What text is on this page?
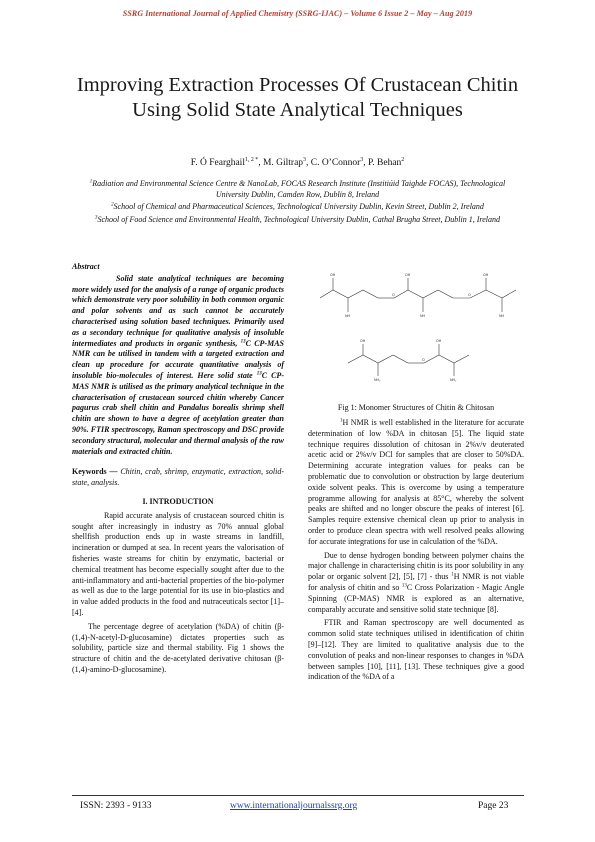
SSRG International Journal of Applied Chemistry (SSRG-IJAC) – Volume 6 Issue 2 – May – Aug 2019
Improving Extraction Processes Of Crustacean Chitin Using Solid State Analytical Techniques
F. Ó Fearghail$^{1, 2 *}$, M. Giltrap$^3$, C. O’Connor$^3$, P. Behan$^2$

$^1$Radiation and Environmental Science Centre & NanoLab, FOCAS Research Institute (Institiúid Taighde FOCAS), Technological University Dublin, Camden Row, Dublin 8, Ireland

$^2$School of Chemical and Pharmaceutical Sciences, Technological University Dublin, Kevin Street, Dublin 2, Ireland

$^3$School of Food Science and Environmental Health, Technological University Dublin, Cathal Brugha Street, Dublin 1, Ireland

Abstract

Solid state analytical techniques are becoming more widely used for the analysis of a range of organic products which demonstrate very poor solubility in both common organic and polar solvents and as such cannot be accurately characterised using solution based techniques. Primarily used as a secondary technique for qualitative analysis of insoluble intermediates and products in organic synthesis, $^{13}$C CP-MAS NMR can be utilised in tandem with a targeted extraction and clean up procedure for accurate quantitative analysis of insoluble bio-molecules of interest. Here solid state $^{13}$C CP-MAS NMR is utilised as the primary analytical technique in the characterisation of crustacean sourced chitin whereby Cancer pagurus crab shell chitin and Pandalus borealis shrimp shell chitin are shown to have a degree of acetylation greater than 90%. FTIR spectroscopy, Raman spectroscopy and DSC provide secondary structural, molecular and thermal analysis of the raw materials and extracted chitin.

Keywords — Chitin, crab, shrimp, enzymatic, extraction, solid-state, analysis.

I. INTRODUCTION

Rapid accurate analysis of crustacean sourced chitin is sought after increasingly in industry as 70% annual global shellfish production ends up in waste streams in landfill, incineration or dumped at sea. In recent years the valorisation of fisheries waste streams for chitin by enzymatic, bacterial or chemical treatment has become especially sought after due to the anti-inflammatory and anti-bacterial properties of the bio-polymer as well as due to the large potential for its use in bio-plastics and in value added products in the food and nutraceuticals sector [1]–[4].

The percentage degree of acetylation (%DA) of chitin (β-(1,4)-N-acetyl-D-glucosamine) dictates properties such as solubility, particle size and thermal stability. Fig 1 shows the structure of chitin and the de-acetylated derivative chitosan (β-(1,4)-amino-D-glucosamine).

OH
NH
O
OH
NH
O
OH
NH
OH
NH₂
O
OH
NH₂
Fig 1: Monomer Structures of Chitin & Chitosan

$^1$H NMR is well established in the literature for accurate determination of low %DA in chitosan [5]. The liquid state technique requires dissolution of chitosan in 2%v/v deuterated acetic acid or 2%v/v DCl for samples that are closer to 50%DA. Determining accurate integration values for peaks can be problematic due to convolution or obstruction by large deuterium oxide solvent peaks. This is overcome by using a temperature programme allowing for analysis at 85°C, whereby the solvent peaks are shifted and no longer obscure the peaks of interest [6]. Samples require extensive chemical clean up prior to analysis in order to produce clean spectra with well resolved peaks allowing for accurate integrations for use in calculation of the %DA.

Due to dense hydrogen bonding between polymer chains the major challenge in characterising chitin is its poor solubility in any polar or organic solvent [2], [5], [7] - thus $^1$H NMR is not viable for analysis of chitin and so $^{13}$C Cross Polarization - Magic Angle Spinning (CP-MAS) NMR is explored as an alternative, comparably accurate and sensitive solid state technique [8].

FTIR and Raman spectroscopy are well documented as common solid state techniques utilised in identification of chitin [9]–[12]. They are limited to qualitative analysis due to the convolution of peaks and non-linear responses to changes in %DA between samples [10], [11], [13]. These techniques give a good indication of the %DA of a

ISSN: 2393 - 9133	www.internationaljournalssrg.org	Page 23
